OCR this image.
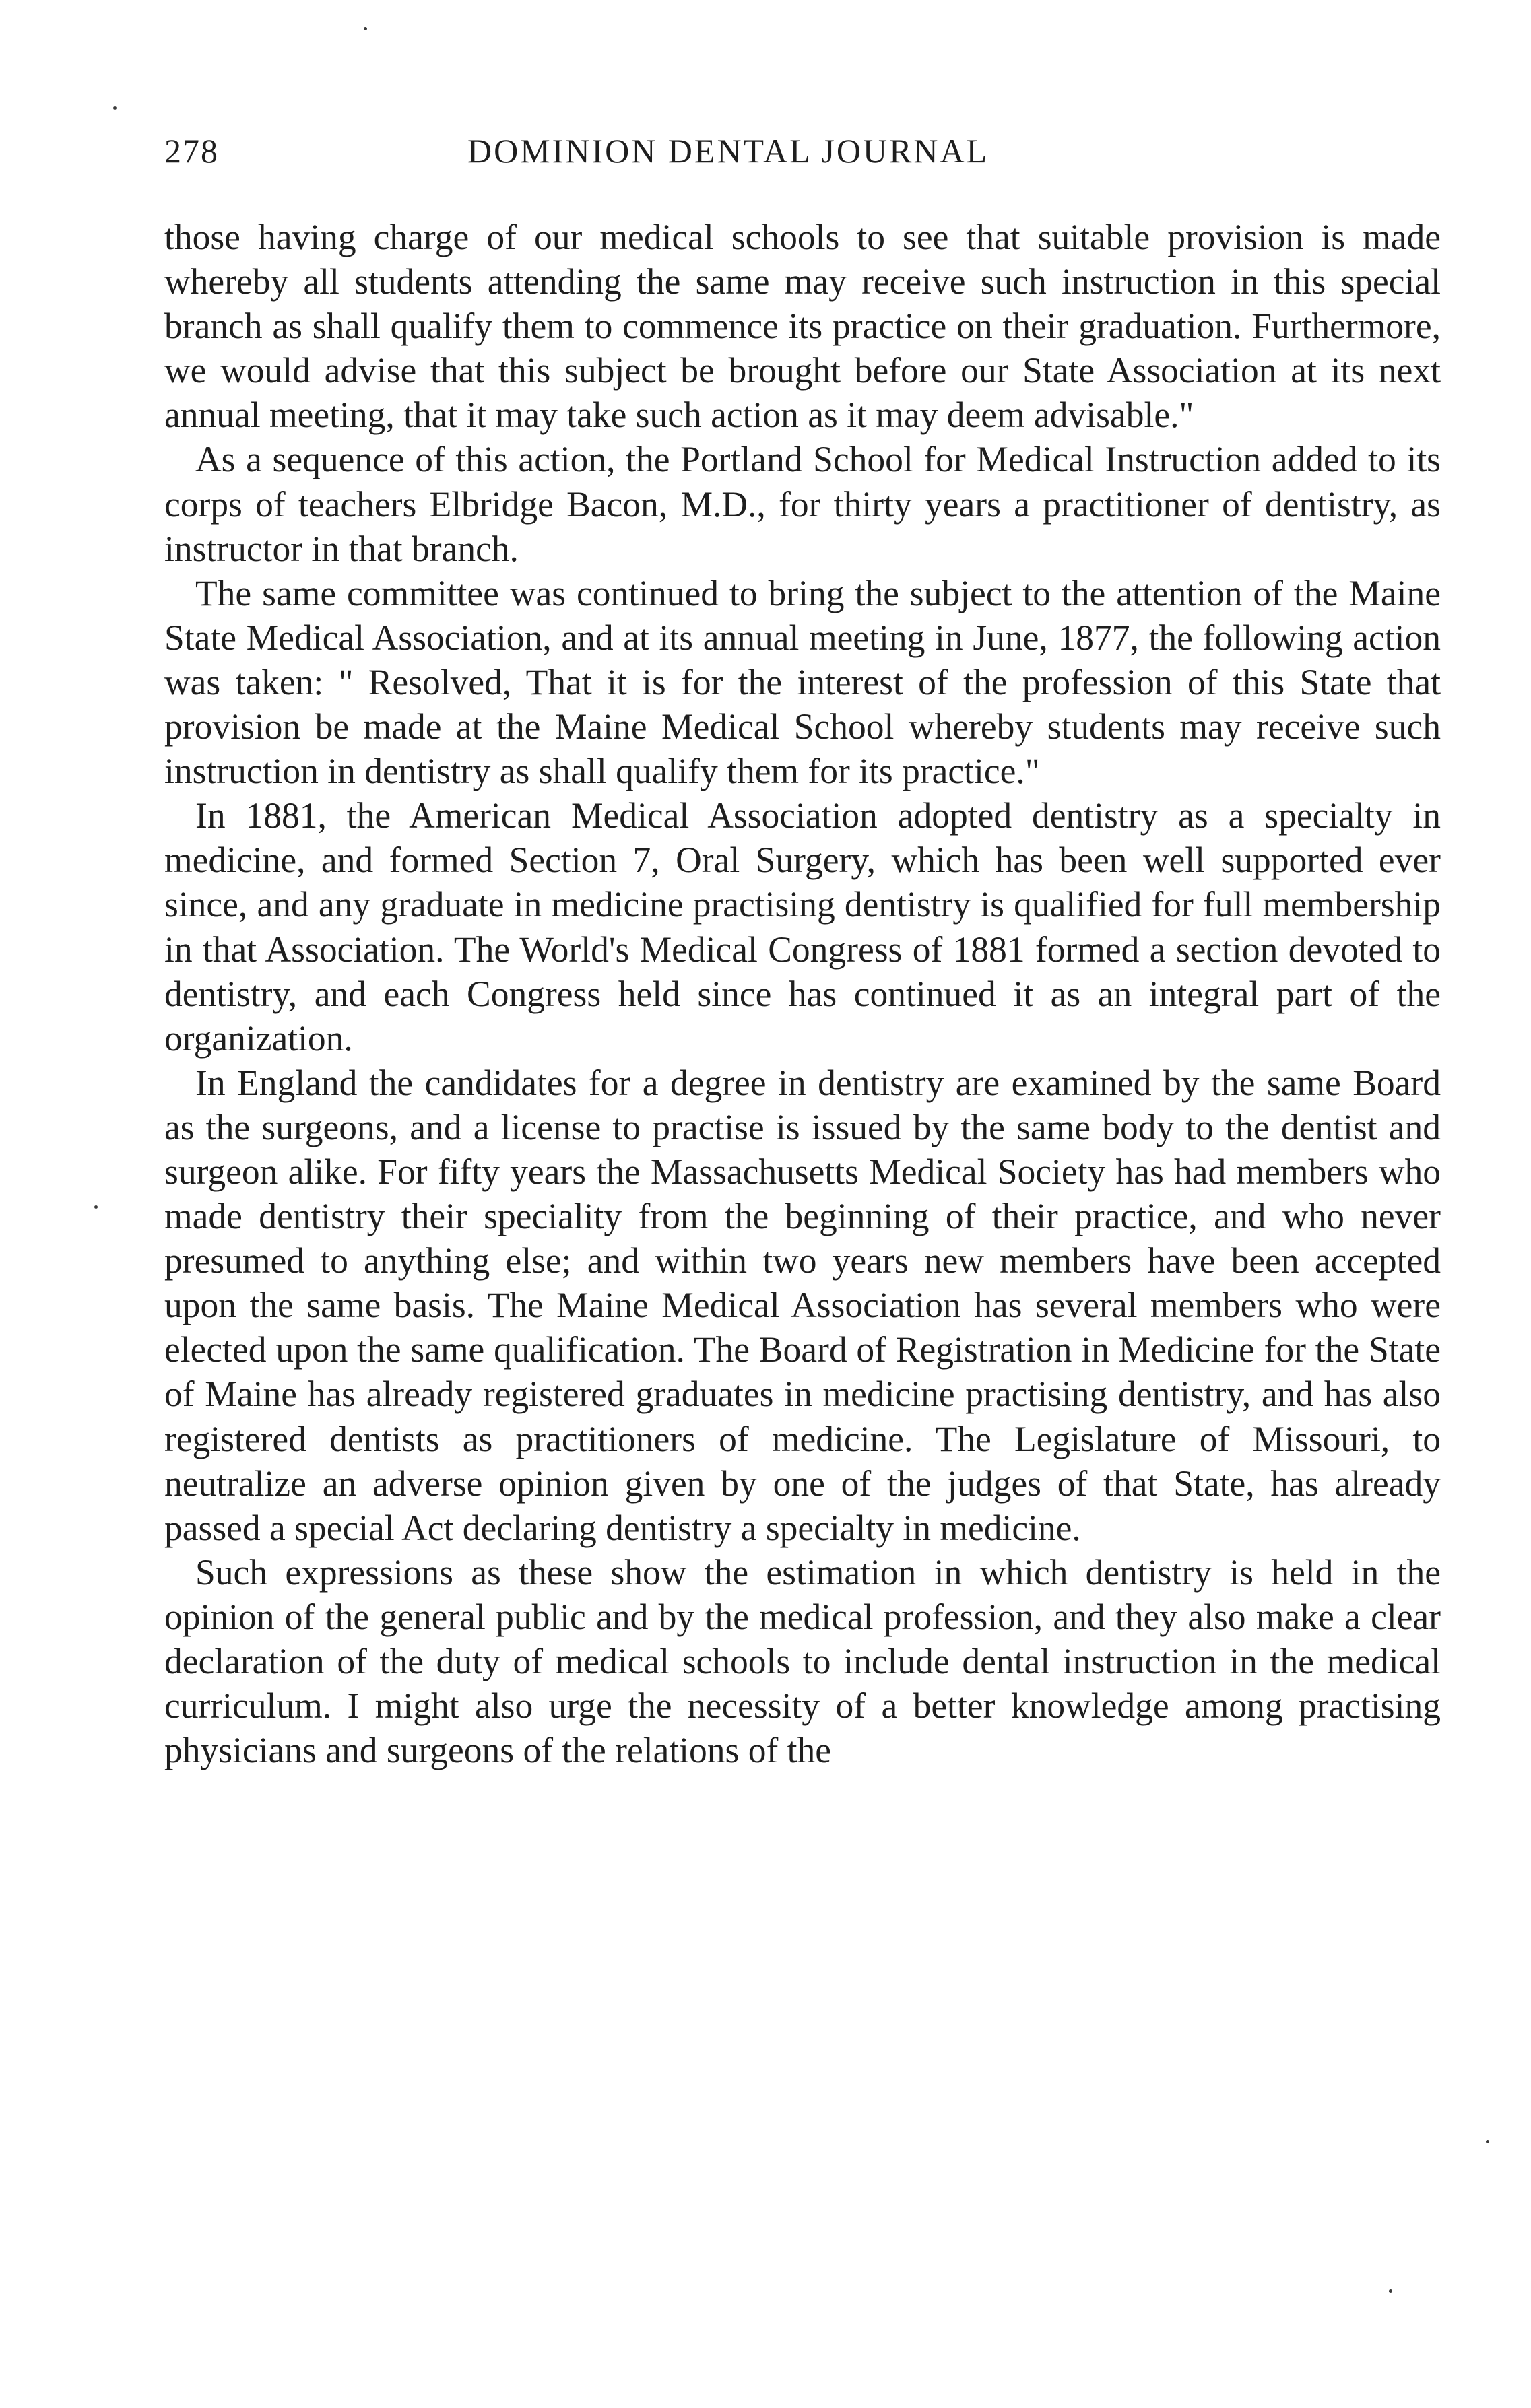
278	DOMINION DENTAL JOURNAL

those having charge of our medical schools to see that suitable provision is made whereby all students attending the same may receive such instruction in this special branch as shall qualify them to commence its practice on their graduation. Furthermore, we would advise that this subject be brought before our State Association at its next annual meeting, that it may take such action as it may deem advisable."

As a sequence of this action, the Portland School for Medical Instruction added to its corps of teachers Elbridge Bacon, M.D., for thirty years a practitioner of dentistry, as instructor in that branch.

The same committee was continued to bring the subject to the attention of the Maine State Medical Association, and at its annual meeting in June, 1877, the following action was taken: " Resolved, That it is for the interest of the profession of this State that provision be made at the Maine Medical School whereby students may receive such instruction in dentistry as shall qualify them for its practice."

In 1881, the American Medical Association adopted dentistry as a specialty in medicine, and formed Section 7, Oral Surgery, which has been well supported ever since, and any graduate in medicine practising dentistry is qualified for full membership in that Association. The World's Medical Congress of 1881 formed a section devoted to dentistry, and each Congress held since has continued it as an integral part of the organization.

In England the candidates for a degree in dentistry are examined by the same Board as the surgeons, and a license to practise is issued by the same body to the dentist and surgeon alike. For fifty years the Massachusetts Medical Society has had members who made dentistry their speciality from the beginning of their practice, and who never presumed to anything else; and within two years new members have been accepted upon the same basis. The Maine Medical Association has several members who were elected upon the same qualification. The Board of Registration in Medicine for the State of Maine has already registered graduates in medicine practising dentistry, and has also registered dentists as practitioners of medicine. The Legislature of Missouri, to neutralize an adverse opinion given by one of the judges of that State, has already passed a special Act declaring dentistry a specialty in medicine.

Such expressions as these show the estimation in which dentistry is held in the opinion of the general public and by the medical profession, and they also make a clear declaration of the duty of medical schools to include dental instruction in the medical curriculum. I might also urge the necessity of a better knowledge among practising physicians and surgeons of the relations of the
